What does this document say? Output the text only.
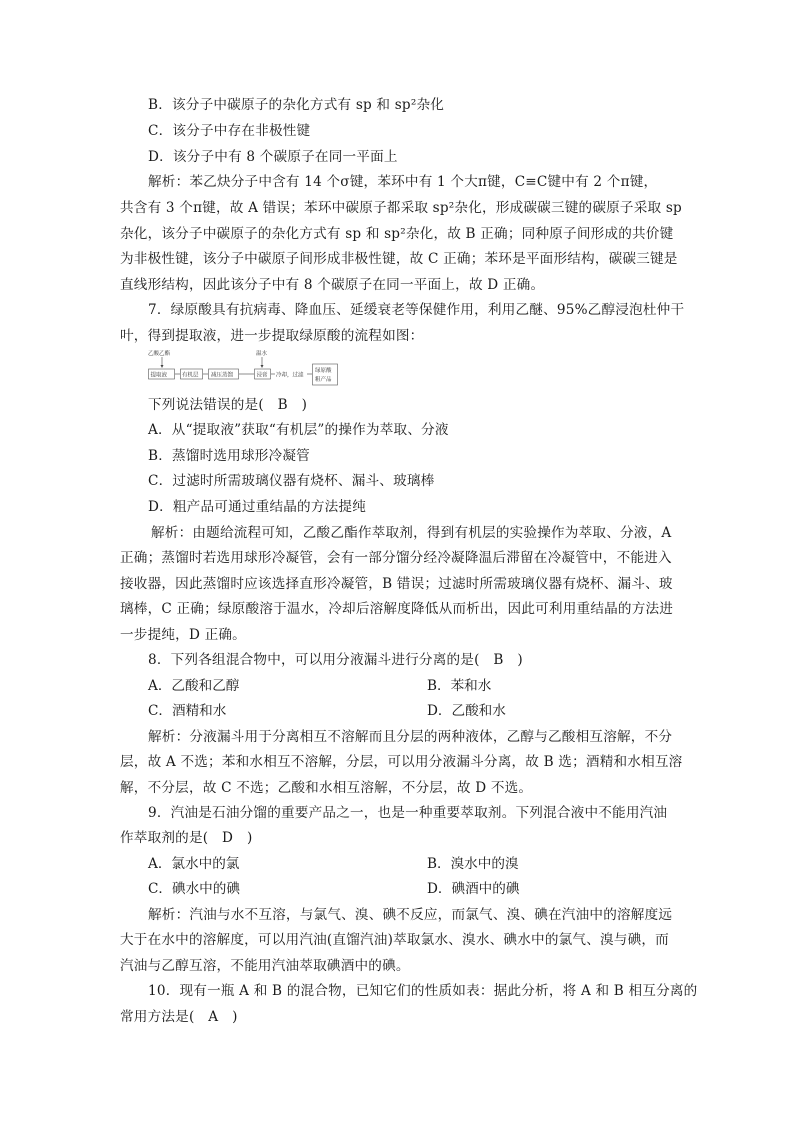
B．该分子中碳原子的杂化方式有 sp 和 sp²杂化
C．该分子中存在非极性键
D．该分子中有 8 个碳原子在同一平面上
解析：苯乙炔分子中含有 14 个σ键，苯环中有 1 个大π键，C≡C键中有 2 个π键，
共含有 3 个π键，故 A 错误；苯环中碳原子都采取 sp²杂化，形成碳碳三键的碳原子采取 sp
杂化，该分子中碳原子的杂化方式有 sp 和 sp²杂化，故 B 正确；同种原子间形成的共价键
为非极性键，该分子中碳原子间形成非极性键，故 C 正确；苯环是平面形结构，碳碳三键是
直线形结构，因此该分子中有 8 个碳原子在同一平面上，故 D 正确。
7．绿原酸具有抗病毒、降血压、延缓衰老等保健作用，利用乙醚、95%乙醇浸泡杜仲干
叶，得到提取液，进一步提取绿原酸的流程如图：
乙酸乙酯	温水
提取液	有机层 减压蒸馏	浸膏 冷却，过滤
绿原酸
粗产品
下列说法错误的是(　B　)
A．从“提取液”获取“有机层”的操作为萃取、分液
B．蒸馏时选用球形冷凝管
C．过滤时所需玻璃仪器有烧杯、漏斗、玻璃棒
D．粗产品可通过重结晶的方法提纯
解析：由题给流程可知，乙酸乙酯作萃取剂，得到有机层的实验操作为萃取、分液，A
正确；蒸馏时若选用球形冷凝管，会有一部分馏分经冷凝降温后滞留在冷凝管中，不能进入
接收器，因此蒸馏时应该选择直形冷凝管，B 错误；过滤时所需玻璃仪器有烧杯、漏斗、玻
璃棒，C 正确；绿原酸溶于温水，冷却后溶解度降低从而析出，因此可利用重结晶的方法进
一步提纯，D 正确。
8．下列各组混合物中，可以用分液漏斗进行分离的是(　B　)
A．乙酸和乙醇	B．苯和水
C．酒精和水	D．乙酸和水
解析：分液漏斗用于分离相互不溶解而且分层的两种液体，乙醇与乙酸相互溶解，不分
层，故 A 不选；苯和水相互不溶解，分层，可以用分液漏斗分离，故 B 选；酒精和水相互溶
解，不分层，故 C 不选；乙酸和水相互溶解，不分层，故 D 不选。
9．汽油是石油分馏的重要产品之一，也是一种重要萃取剂。下列混合液中不能用汽油
作萃取剂的是(　D　)
A．氯水中的氯	B．溴水中的溴
C．碘水中的碘	D．碘酒中的碘
解析：汽油与水不互溶，与氯气、溴、碘不反应，而氯气、溴、碘在汽油中的溶解度远
大于在水中的溶解度，可以用汽油(直馏汽油)萃取氯水、溴水、碘水中的氯气、溴与碘，而
汽油与乙醇互溶，不能用汽油萃取碘酒中的碘。
10．现有一瓶 A 和 B 的混合物，已知它们的性质如表：据此分析，将 A 和 B 相互分离的
常用方法是(　A　)
